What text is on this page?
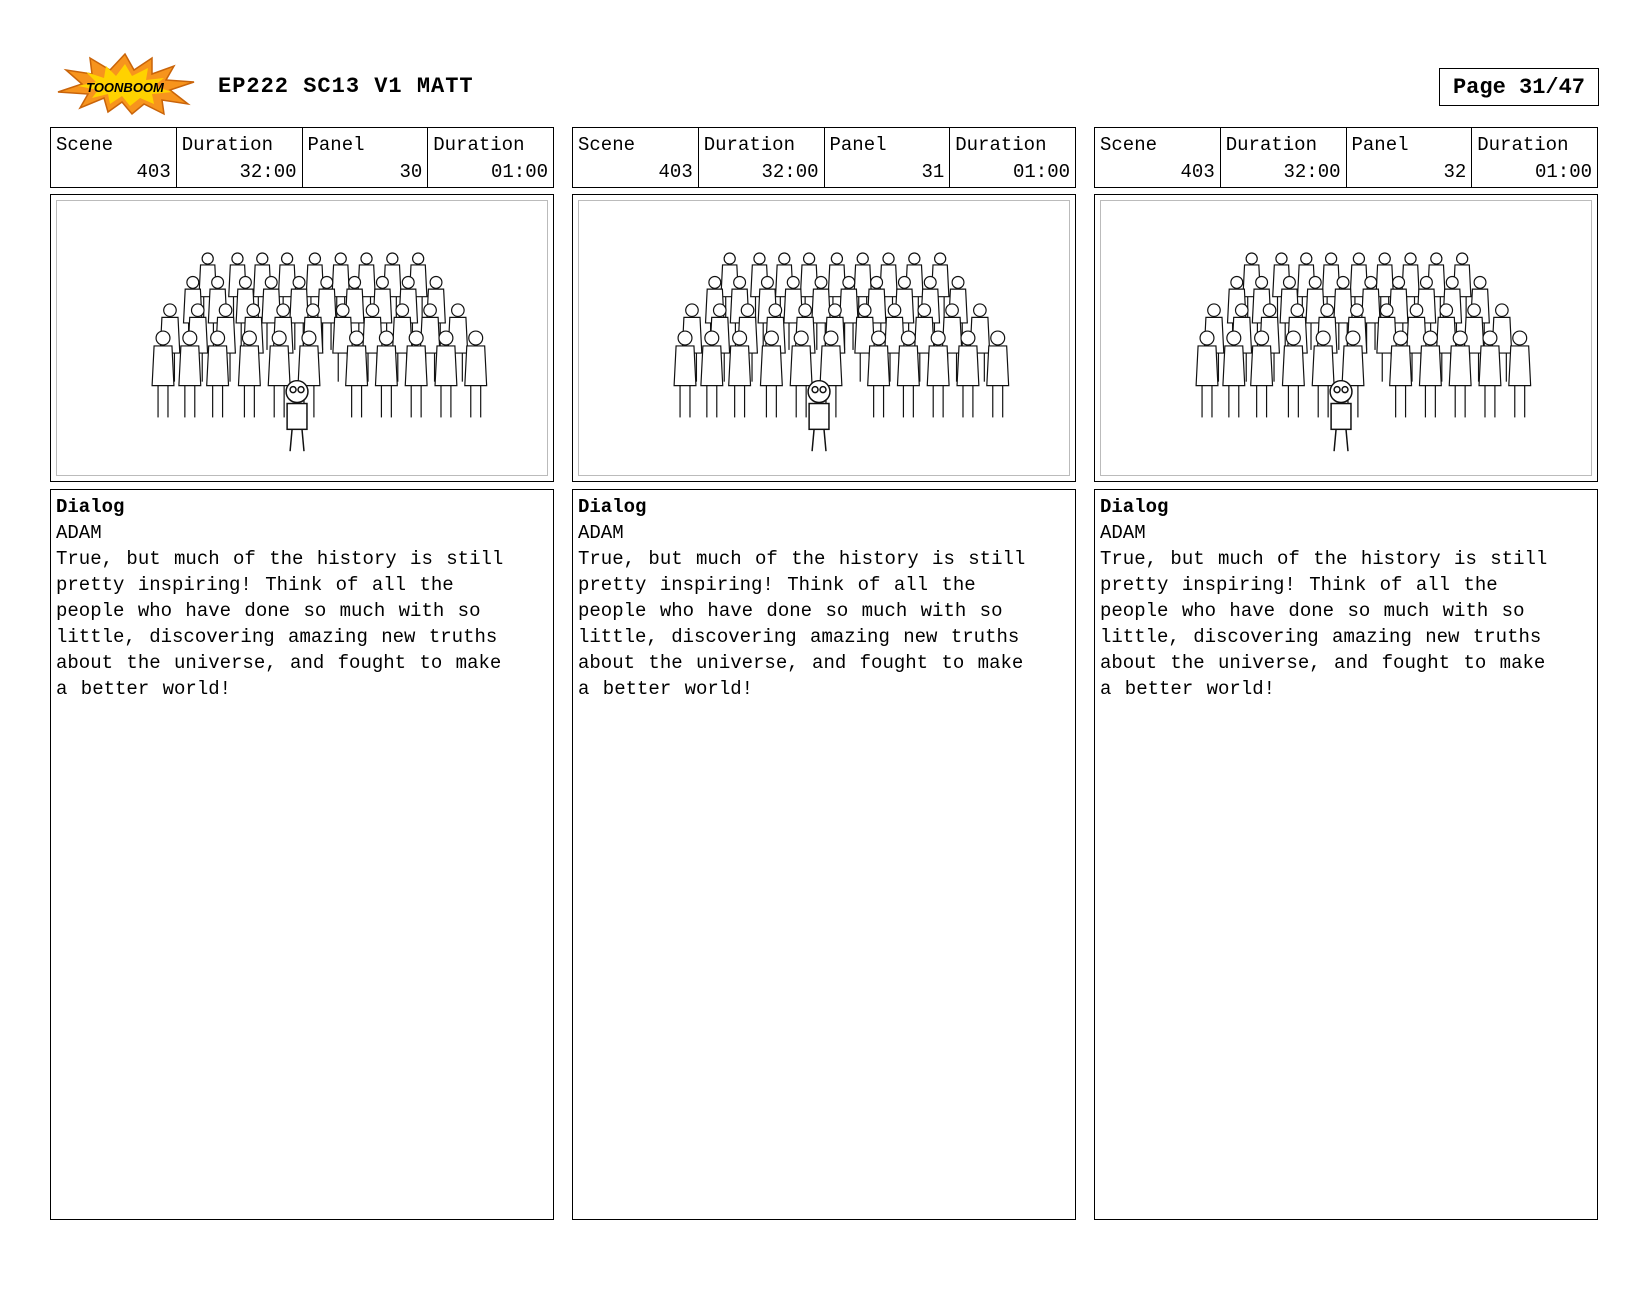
TOONBOOM EP222 SC13 V1 MATT	Page 31/47
Scene
403
Duration
32:00
Panel
30
Duration
01:00
Dialog
ADAM
True, but much of the history is still
pretty inspiring! Think of all the
people who have done so much with so
little, discovering amazing new truths
about the universe, and fought to make
a better world!
Scene
403
Duration
32:00
Panel
31
Duration
01:00
Dialog
ADAM
True, but much of the history is still
pretty inspiring! Think of all the
people who have done so much with so
little, discovering amazing new truths
about the universe, and fought to make
a better world!
Scene
403
Duration
32:00
Panel
32
Duration
01:00
Dialog
ADAM
True, but much of the history is still
pretty inspiring! Think of all the
people who have done so much with so
little, discovering amazing new truths
about the universe, and fought to make
a better world!
